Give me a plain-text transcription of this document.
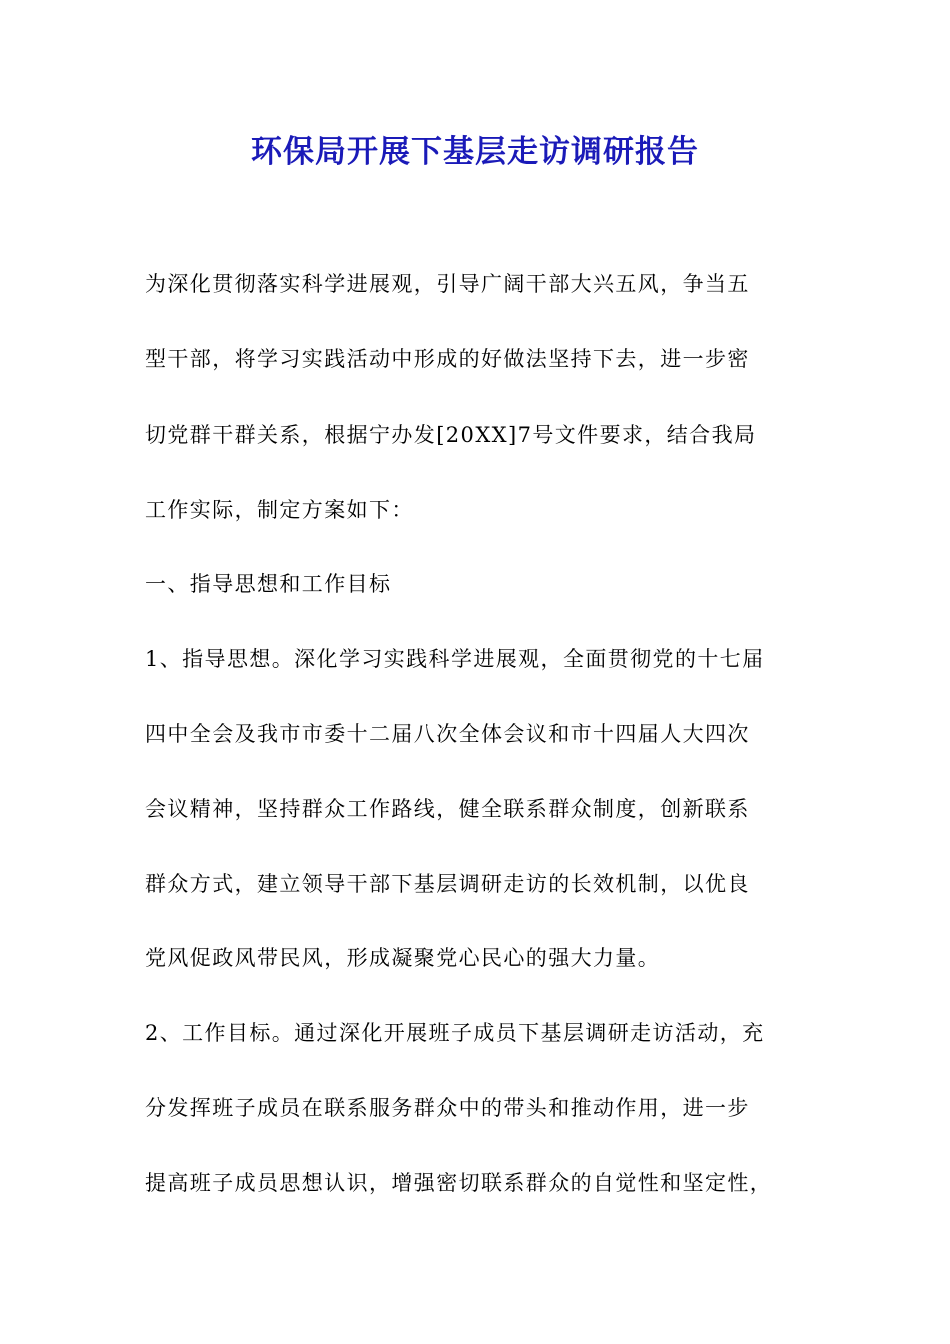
环保局开展下基层走访调研报告
为深化贯彻落实科学进展观，引导广阔干部大兴五风，争当五
型干部，将学习实践活动中形成的好做法坚持下去，进一步密
切党群干群关系，根据宁办发[20XX]7号文件要求，结合我局
工作实际，制定方案如下：
一、指导思想和工作目标
1、指导思想。深化学习实践科学进展观，全面贯彻党的十七届
四中全会及我市市委十二届八次全体会议和市十四届人大四次
会议精神，坚持群众工作路线，健全联系群众制度，创新联系
群众方式，建立领导干部下基层调研走访的长效机制，以优良
党风促政风带民风，形成凝聚党心民心的强大力量。
2、工作目标。通过深化开展班子成员下基层调研走访活动，充
分发挥班子成员在联系服务群众中的带头和推动作用，进一步
提高班子成员思想认识，增强密切联系群众的自觉性和坚定性，
